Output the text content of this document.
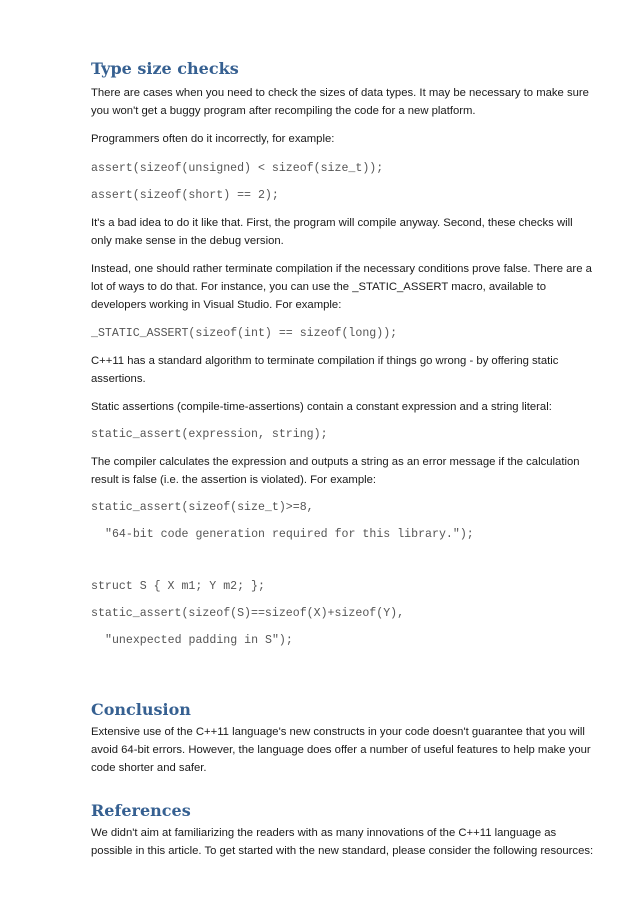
Type size checks

There are cases when you need to check the sizes of data types. It may be necessary to make sure you won't get a buggy program after recompiling the code for a new platform.

Programmers often do it incorrectly, for example:

assert(sizeof(unsigned) < sizeof(size_t));
assert(sizeof(short) == 2);

It's a bad idea to do it like that. First, the program will compile anyway. Second, these checks will only make sense in the debug version.

Instead, one should rather terminate compilation if the necessary conditions prove false. There are a lot of ways to do that. For instance, you can use the _STATIC_ASSERT macro, available to developers working in Visual Studio. For example:

_STATIC_ASSERT(sizeof(int) == sizeof(long));

C++11 has a standard algorithm to terminate compilation if things go wrong - by offering static assertions.

Static assertions (compile-time-assertions) contain a constant expression and a string literal:

static_assert(expression, string);

The compiler calculates the expression and outputs a string as an error message if the calculation result is false (i.e. the assertion is violated). For example:

static_assert(sizeof(size_t)>=8,
"64-bit code generation required for this library.");
struct S { X m1; Y m2; };
static_assert(sizeof(S)==sizeof(X)+sizeof(Y),
"unexpected padding in S");
Conclusion

Extensive use of the C++11 language's new constructs in your code doesn't guarantee that you will avoid 64-bit errors. However, the language does offer a number of useful features to help make your code shorter and safer.

References

We didn't aim at familiarizing the readers with as many innovations of the C++11 language as possible in this article. To get started with the new standard, please consider the following resources:
